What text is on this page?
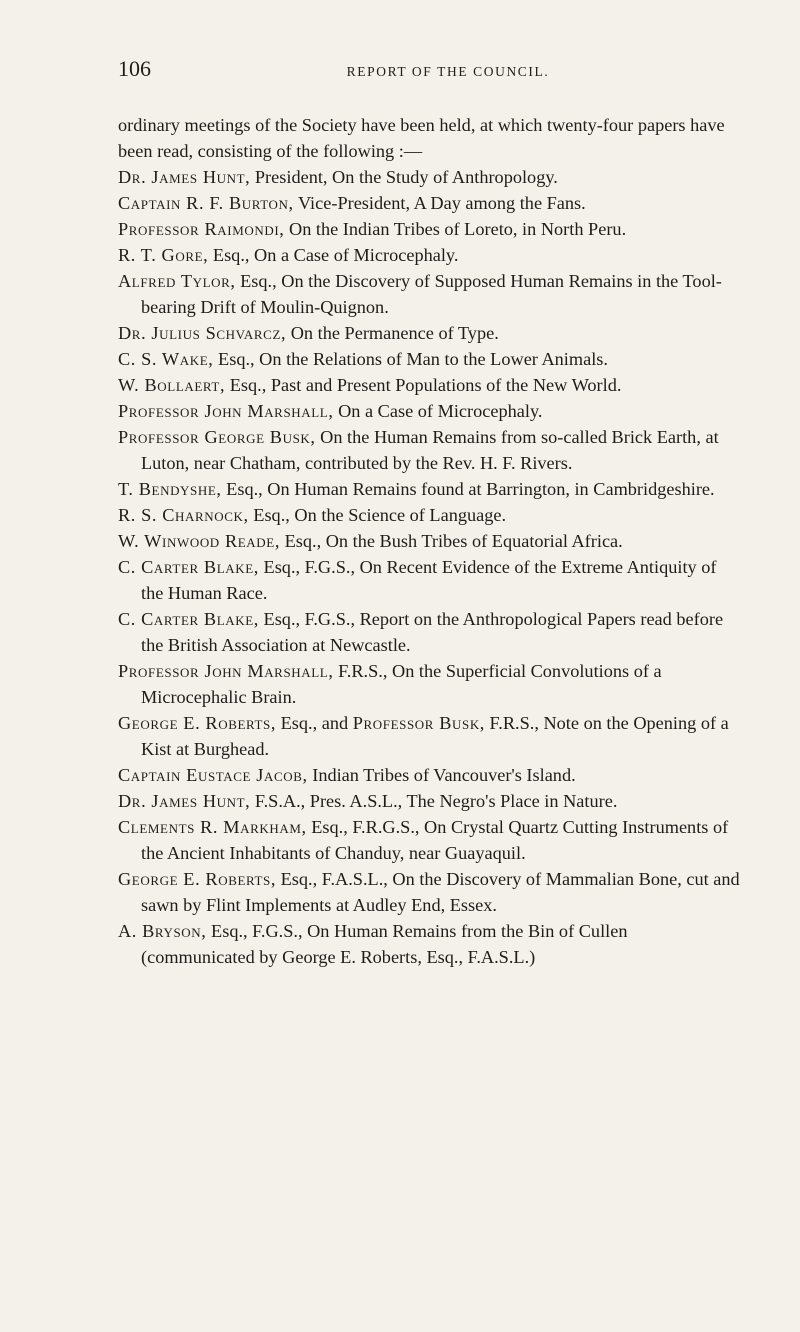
106	REPORT OF THE COUNCIL.

ordinary meetings of the Society have been held, at which twenty-four papers have been read, consisting of the following :—

Dr. James Hunt, President, On the Study of Anthropology.

Captain R. F. Burton, Vice-President, A Day among the Fans.

Professor Raimondi, On the Indian Tribes of Loreto, in North Peru.

R. T. Gore, Esq., On a Case of Microcephaly.

Alfred Tylor, Esq., On the Discovery of Supposed Human Remains in the Tool-bearing Drift of Moulin-Quignon.

Dr. Julius Schvarcz, On the Permanence of Type.

C. S. Wake, Esq., On the Relations of Man to the Lower Animals.

W. Bollaert, Esq., Past and Present Populations of the New World.

Professor John Marshall, On a Case of Microcephaly.

Professor George Busk, On the Human Remains from so-called Brick Earth, at Luton, near Chatham, contributed by the Rev. H. F. Rivers.

T. Bendyshe, Esq., On Human Remains found at Barrington, in Cambridgeshire.

R. S. Charnock, Esq., On the Science of Language.

W. Winwood Reade, Esq., On the Bush Tribes of Equatorial Africa.

C. Carter Blake, Esq., F.G.S., On Recent Evidence of the Extreme Antiquity of the Human Race.

C. Carter Blake, Esq., F.G.S., Report on the Anthropological Papers read before the British Association at Newcastle.

Professor John Marshall, F.R.S., On the Superficial Convolutions of a Microcephalic Brain.

George E. Roberts, Esq., and Professor Busk, F.R.S., Note on the Opening of a Kist at Burghead.

Captain Eustace Jacob, Indian Tribes of Vancouver's Island.

Dr. James Hunt, F.S.A., Pres. A.S.L., The Negro's Place in Nature.

Clements R. Markham, Esq., F.R.G.S., On Crystal Quartz Cutting Instruments of the Ancient Inhabitants of Chanduy, near Guayaquil.

George E. Roberts, Esq., F.A.S.L., On the Discovery of Mammalian Bone, cut and sawn by Flint Implements at Audley End, Essex.

A. Bryson, Esq., F.G.S., On Human Remains from the Bin of Cullen (communicated by George E. Roberts, Esq., F.A.S.L.)
